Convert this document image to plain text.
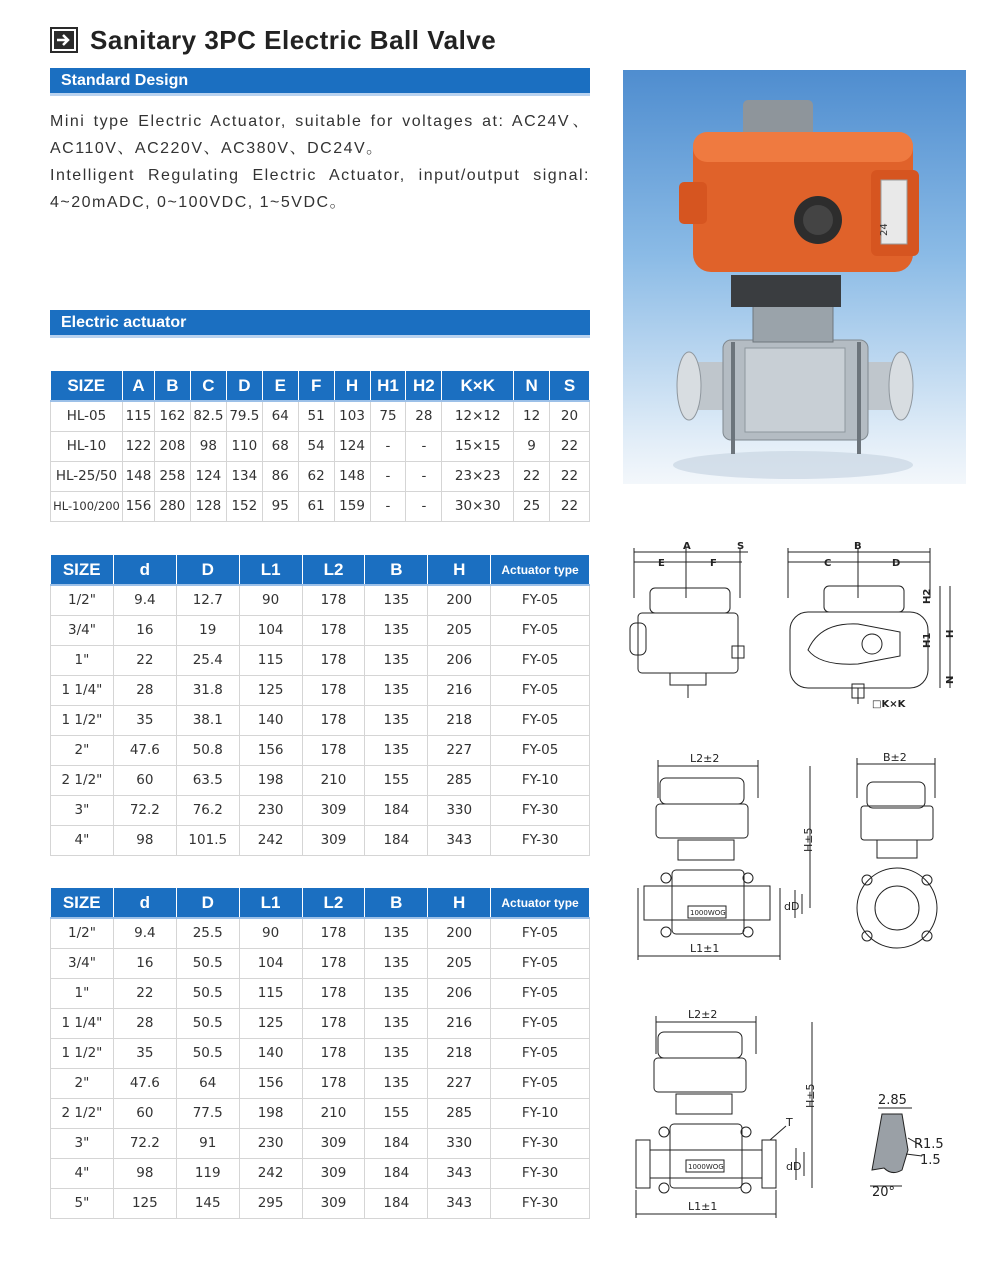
Sanitary 3PC Electric Ball Valve
Standard Design
Mini type Electric Actuator, suitable for voltages at: AC24V、AC110V、AC220V、AC380V、DC24V。
Intelligent Regulating Electric Actuator, input/output signal: 4~20mADC, 0~100VDC, 1~5VDC。
Electric actuator
SIZE	A	B	C	D	E	F	H	H1	H2	K×K	N	S
HL-05	115	162	82.5	79.5	64	51	103	75	28	12×12	12	20
HL-10	122	208	98	110	68	54	124	-	-	15×15	9	22
HL-25/50	148	258	124	134	86	62	148	-	-	23×23	22	22
HL-100/200	156	280	128	152	95	61	159	-	-	30×30	25	22
SIZE	d	D	L1	L2	B	H	Actuator type
1/2"	9.4	12.7	90	178	135	200	FY-05
3/4"	16	19	104	178	135	205	FY-05
1"	22	25.4	115	178	135	206	FY-05
1 1/4"	28	31.8	125	178	135	216	FY-05
1 1/2"	35	38.1	140	178	135	218	FY-05
2"	47.6	50.8	156	178	135	227	FY-05
2 1/2"	60	63.5	198	210	155	285	FY-10
3"	72.2	76.2	230	309	184	330	FY-30
4"	98	101.5	242	309	184	343	FY-30
SIZE	d	D	L1	L2	B	H	Actuator type
1/2"	9.4	25.5	90	178	135	200	FY-05
3/4"	16	50.5	104	178	135	205	FY-05
1"	22	50.5	115	178	135	206	FY-05
1 1/4"	28	50.5	125	178	135	216	FY-05
1 1/2"	35	50.5	140	178	135	218	FY-05
2"	47.6	64	156	178	135	227	FY-05
2 1/2"	60	77.5	198	210	155	285	FY-10
3"	72.2	91	230	309	184	330	FY-30
4"	98	119	242	309	184	343	FY-30
5"	125	145	295	309	184	343	FY-30
24
A	S
E	F
B
C	D
H1
H2
H
N
□K×K
L2±2
L1±1
H±5
dD
1000WOG
B±2
L2±2
L1±1
H±5
dD
T
1000WOG
2.85
R1.5
1.5
20°
